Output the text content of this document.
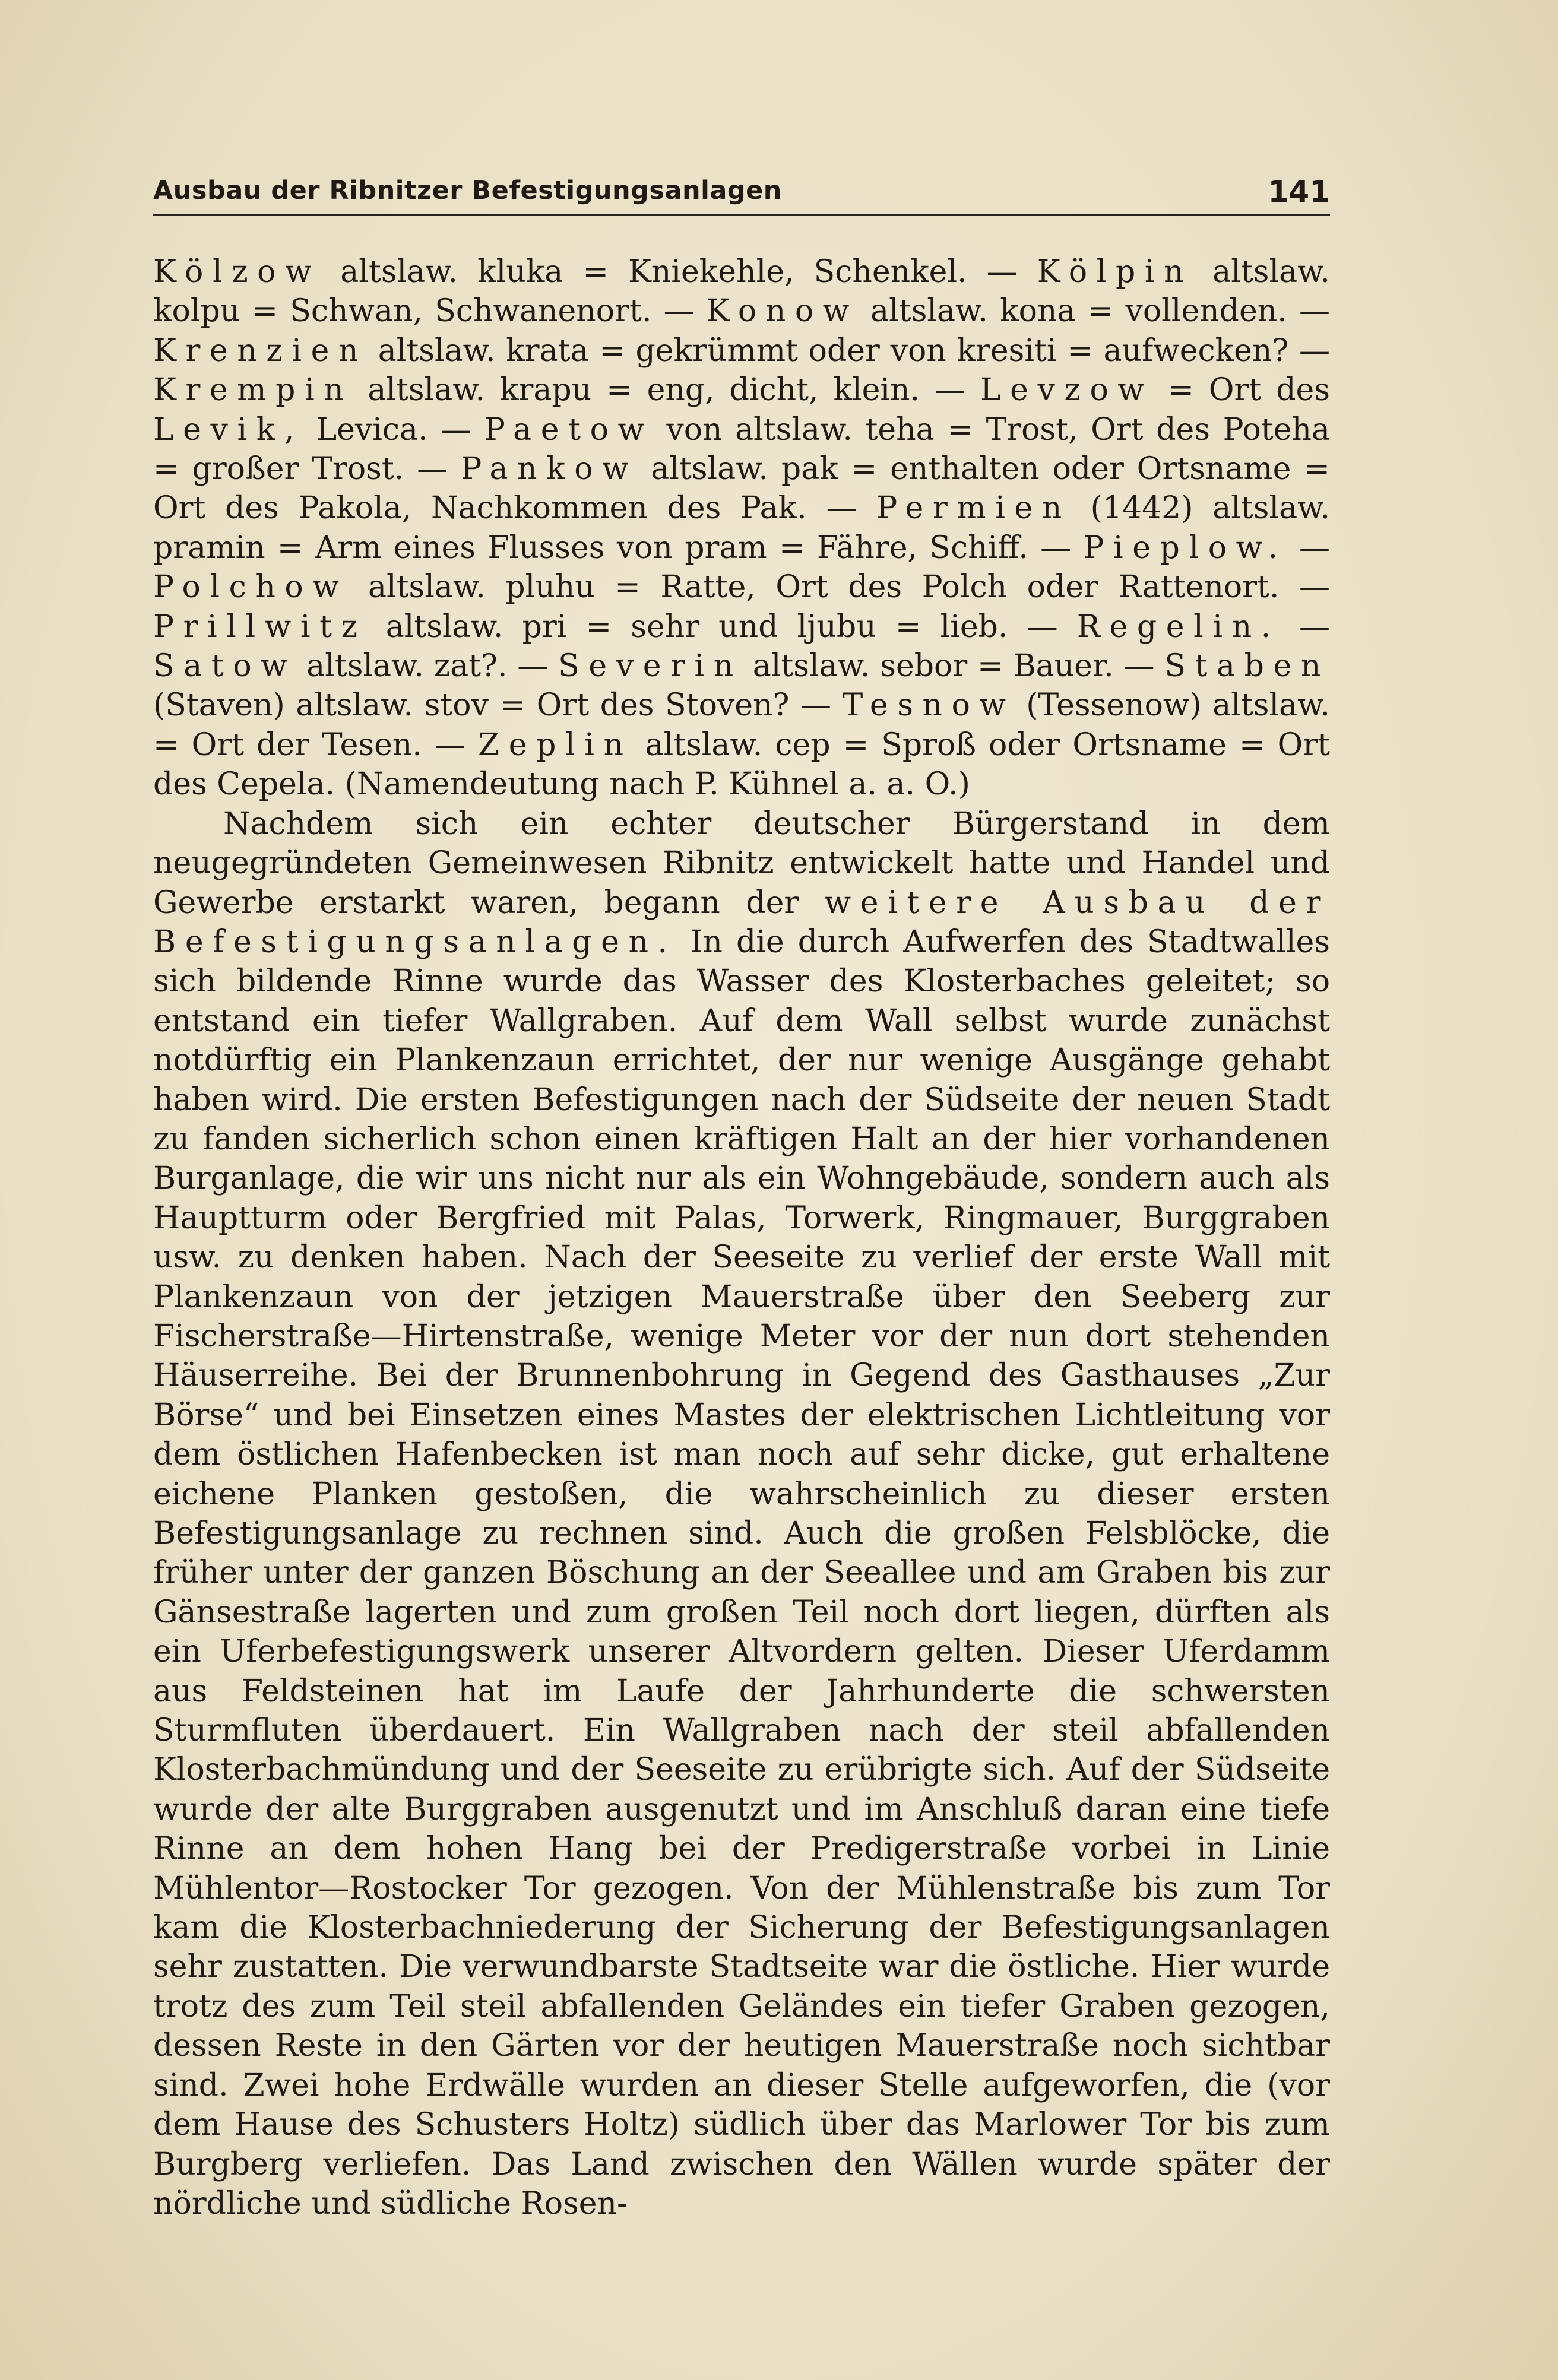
Ausbau der Ribnitzer Befestigungsanlagen	141

Kölzow altslaw. kluka = Kniekehle, Schenkel. — Kölpin altslaw. kolpu = Schwan, Schwanenort. — Konow altslaw. kona = vollenden. — Krenzien altslaw. krata = gekrümmt oder von kresiti = aufwecken? — Krempin altslaw. krapu = eng, dicht, klein. — Levzow = Ort des Levik, Levica. — Paetow von altslaw. teha = Trost, Ort des Poteha = großer Trost. — Pankow altslaw. pak = enthalten oder Ortsname = Ort des Pakola, Nachkommen des Pak. — Permien (1442) altslaw. pramin = Arm eines Flusses von pram = Fähre, Schiff. — Pieplow. — Polchow altslaw. pluhu = Ratte, Ort des Polch oder Rattenort. — Prillwitz altslaw. pri = sehr und ljubu = lieb. — Regelin. — Satow altslaw. zat?. — Severin altslaw. sebor = Bauer. — Staben (Staven) altslaw. stov = Ort des Stoven? — Tesnow (Tessenow) altslaw. = Ort der Tesen. — Zeplin altslaw. cep = Sproß oder Ortsname = Ort des Cepela. (Namendeutung nach P. Kühnel a. a. O.)

Nachdem sich ein echter deutscher Bürgerstand in dem neugegründeten Gemeinwesen Ribnitz entwickelt hatte und Handel und Gewerbe erstarkt waren, begann der weitere Ausbau der Befestigungsanlagen. In die durch Aufwerfen des Stadtwalles sich bildende Rinne wurde das Wasser des Klosterbaches geleitet; so entstand ein tiefer Wallgraben. Auf dem Wall selbst wurde zunächst notdürftig ein Plankenzaun errichtet, der nur wenige Ausgänge gehabt haben wird. Die ersten Befestigungen nach der Südseite der neuen Stadt zu fanden sicherlich schon einen kräftigen Halt an der hier vorhandenen Burganlage, die wir uns nicht nur als ein Wohngebäude, sondern auch als Hauptturm oder Bergfried mit Palas, Torwerk, Ringmauer, Burggraben usw. zu denken haben. Nach der Seeseite zu verlief der erste Wall mit Plankenzaun von der jetzigen Mauerstraße über den Seeberg zur Fischerstraße—Hirtenstraße, wenige Meter vor der nun dort stehenden Häuserreihe. Bei der Brunnenbohrung in Gegend des Gasthauses „Zur Börse“ und bei Einsetzen eines Mastes der elektrischen Lichtleitung vor dem östlichen Hafenbecken ist man noch auf sehr dicke, gut erhaltene eichene Planken gestoßen, die wahrscheinlich zu dieser ersten Befestigungsanlage zu rechnen sind. Auch die großen Felsblöcke, die früher unter der ganzen Böschung an der Seeallee und am Graben bis zur Gänsestraße lagerten und zum großen Teil noch dort liegen, dürften als ein Uferbefestigungswerk unserer Altvordern gelten. Dieser Uferdamm aus Feldsteinen hat im Laufe der Jahrhunderte die schwersten Sturmfluten überdauert. Ein Wallgraben nach der steil abfallenden Klosterbachmündung und der Seeseite zu erübrigte sich. Auf der Südseite wurde der alte Burggraben ausgenutzt und im Anschluß daran eine tiefe Rinne an dem hohen Hang bei der Predigerstraße vorbei in Linie Mühlentor—Rostocker Tor gezogen. Von der Mühlenstraße bis zum Tor kam die Klosterbachniederung der Sicherung der Befestigungsanlagen sehr zustatten. Die verwundbarste Stadtseite war die östliche. Hier wurde trotz des zum Teil steil abfallenden Geländes ein tiefer Graben gezogen, dessen Reste in den Gärten vor der heutigen Mauerstraße noch sichtbar sind. Zwei hohe Erdwälle wurden an dieser Stelle aufgeworfen, die (vor dem Hause des Schusters Holtz) südlich über das Marlower Tor bis zum Burgberg verliefen. Das Land zwischen den Wällen wurde später der nördliche und südliche Rosen-
